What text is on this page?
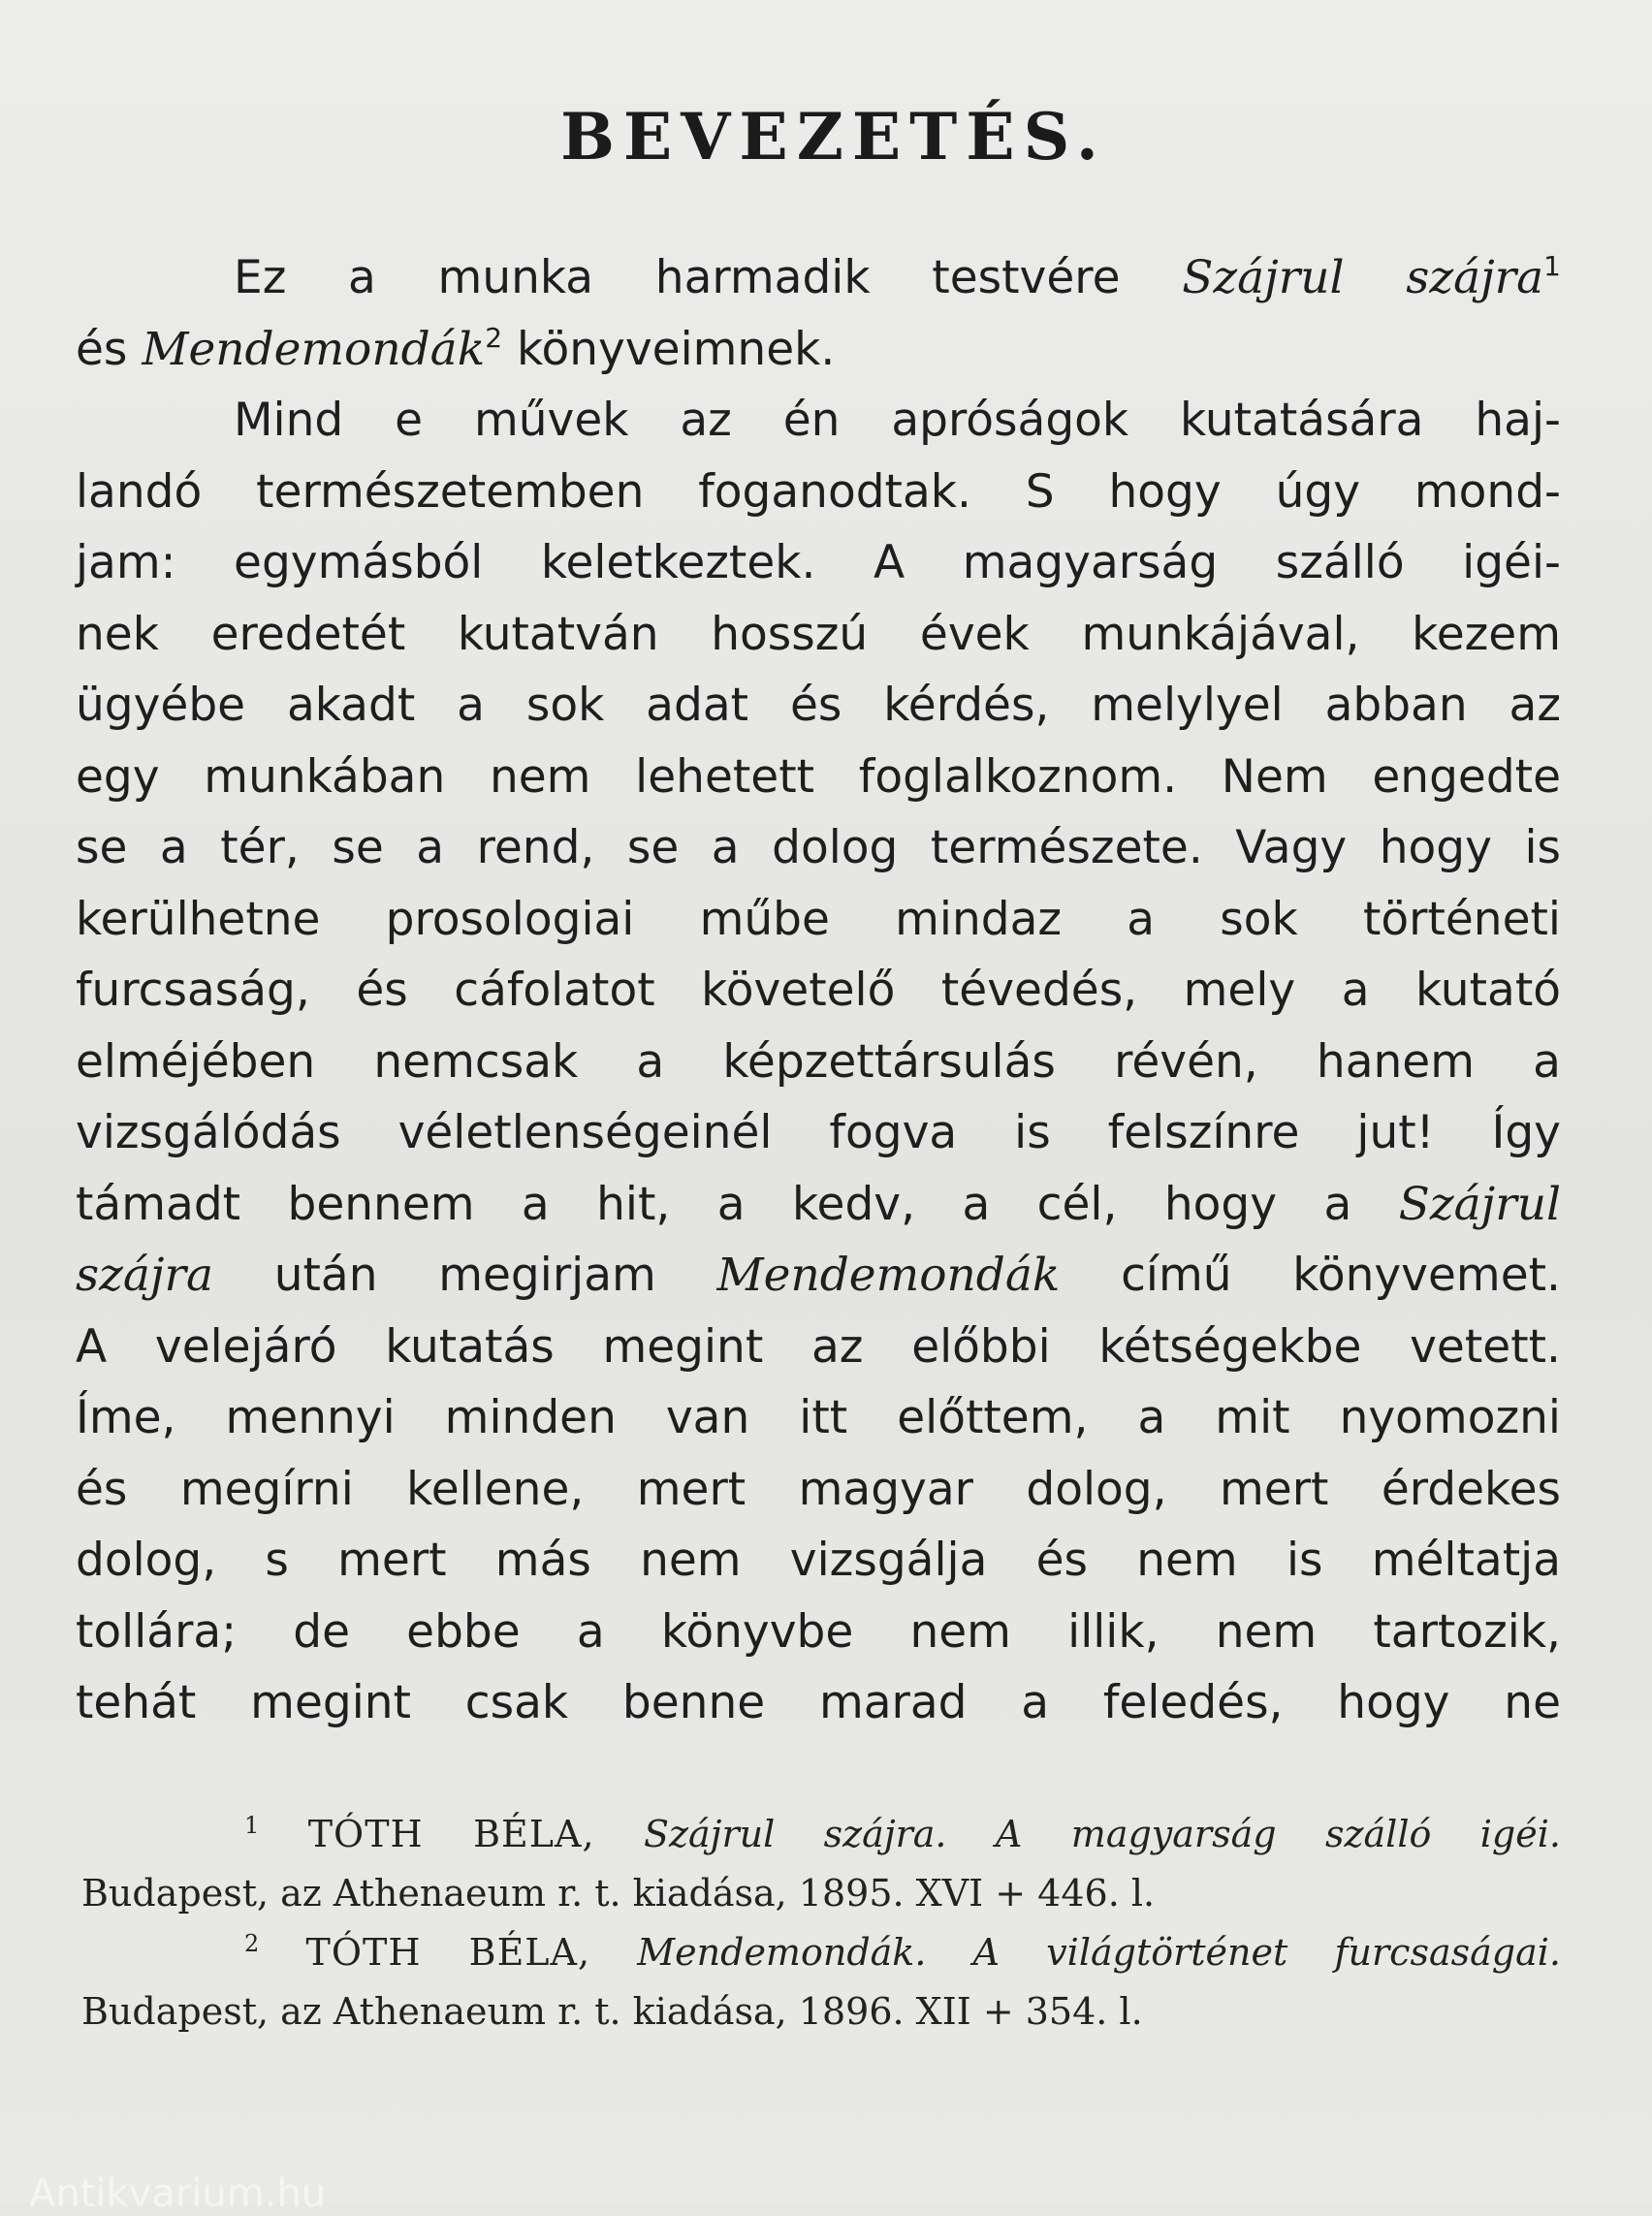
BEVEZETÉS.
Ez a munka harmadik testvére Szájrul szájra$^1$
és Mendemondák$^2$ könyveimnek.
Mind e művek az én apróságok kutatására haj-
landó természetemben foganodtak. S hogy úgy mond-
jam: egymásból keletkeztek. A magyarság szálló igéi-
nek eredetét kutatván hosszú évek munkájával, kezem
ügyébe akadt a sok adat és kérdés, melylyel abban az
egy munkában nem lehetett foglalkoznom. Nem engedte
se a tér, se a rend, se a dolog természete. Vagy hogy is
kerülhetne prosologiai műbe mindaz a sok történeti
furcsaság, és cáfolatot követelő tévedés, mely a kutató
elméjében nemcsak a képzettársulás révén, hanem a
vizsgálódás véletlenségeinél fogva is felszínre jut! Így
támadt bennem a hit, a kedv, a cél, hogy a Szájrul
szájra után megirjam Mendemondák című könyvemet.
A velejáró kutatás megint az előbbi kétségekbe vetett.
Íme, mennyi minden van itt előttem, a mit nyomozni
és megírni kellene, mert magyar dolog, mert érdekes
dolog, s mert más nem vizsgálja és nem is méltatja
tollára; de ebbe a könyvbe nem illik, nem tartozik,
tehát megint csak benne marad a feledés, hogy ne
$^1$ TÓTH BÉLA, Szájrul szájra. A magyarság szálló igéi.
Budapest, az Athenaeum r. t. kiadása, 1895. XVI + 446. l.
$^2$ TÓTH BÉLA, Mendemondák. A világtörténet furcsaságai.
Budapest, az Athenaeum r. t. kiadása, 1896. XII + 354. l.
Antikvarium.hu
